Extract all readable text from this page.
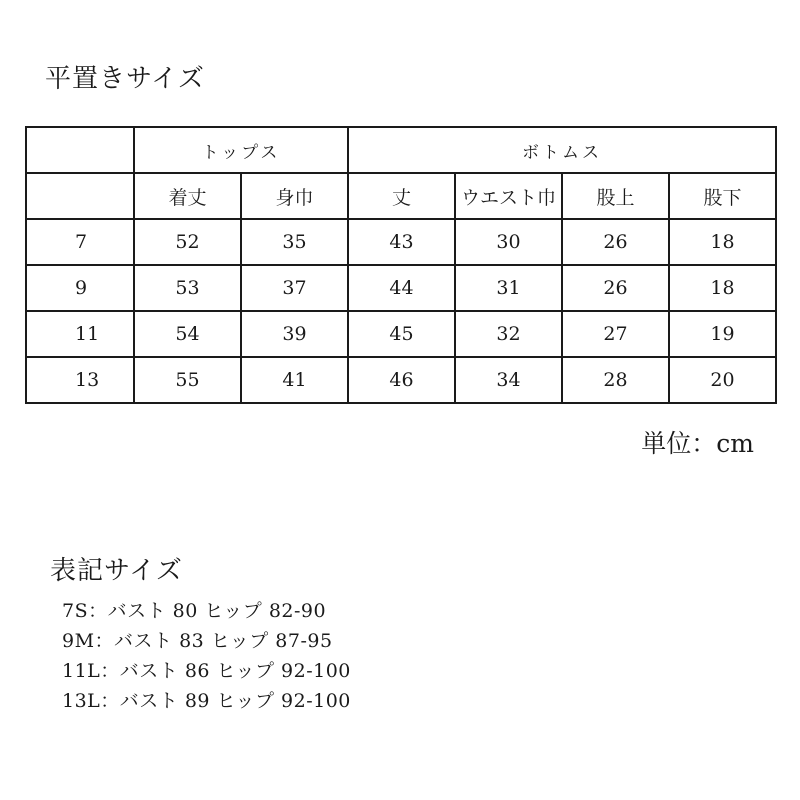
平置きサイズ
	トップス		ボトムス			
	着丈	身巾	丈	ウエスト巾	股上	股下
7	52	35	43	30	26	18
9	53	37	44	31	26	18
11	54	39	45	32	27	19
13	55	41	46	34	28	20

単位：cm

表記サイズ
7S：バスト 80 ヒップ 82-90
9M：バスト 83 ヒップ 87-95
11L：バスト 86 ヒップ 92-100
13L：バスト 89 ヒップ 92-100
